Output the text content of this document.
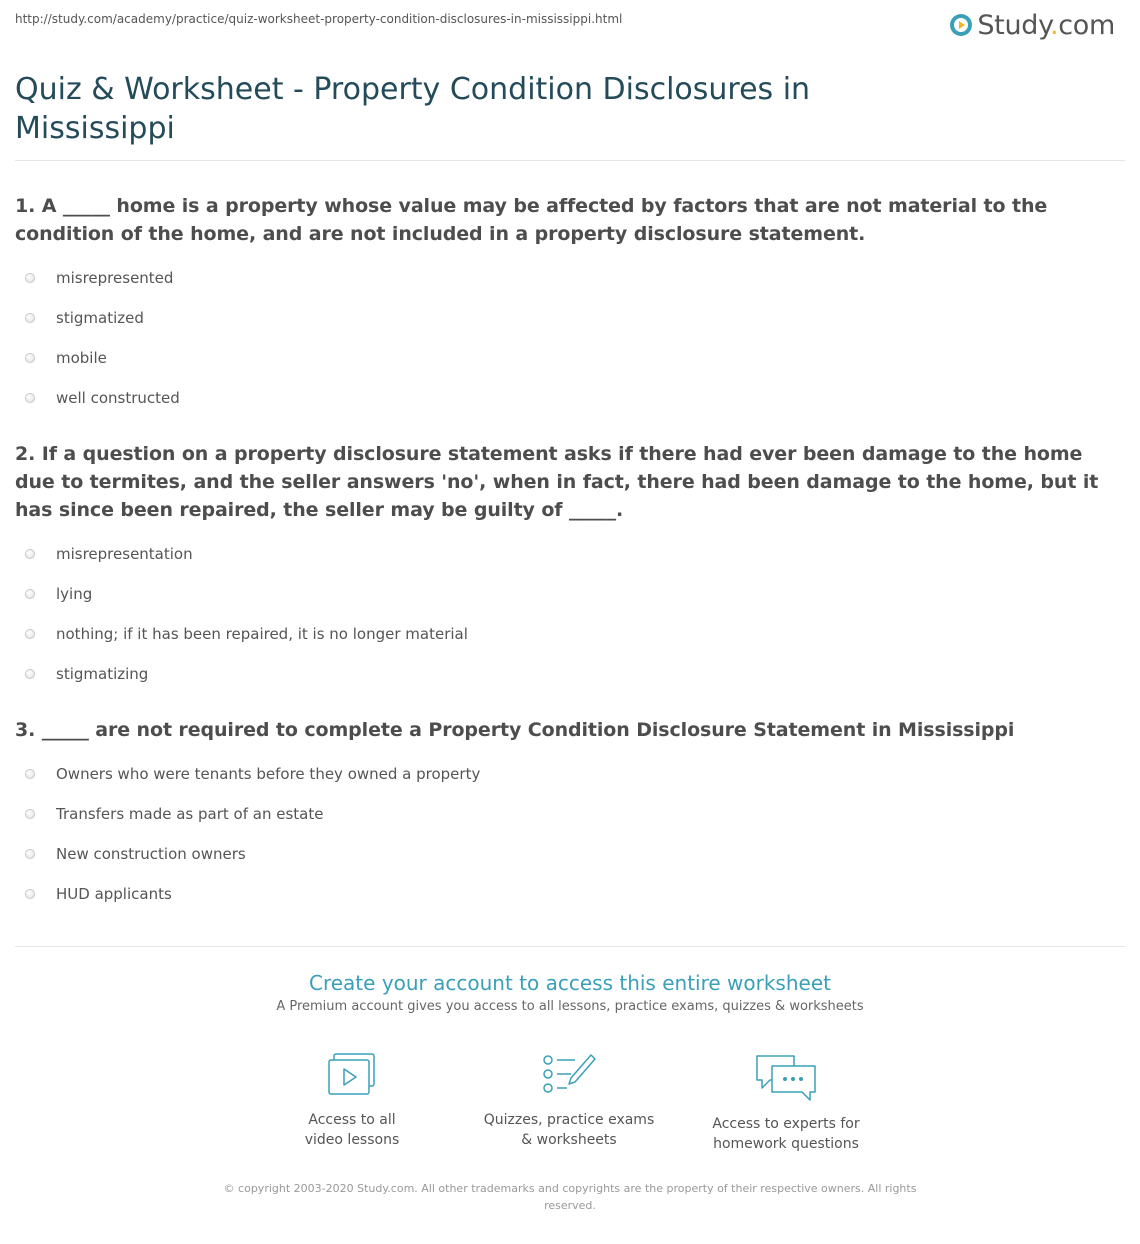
http://study.com/academy/practice/quiz-worksheet-property-condition-disclosures-in-mississippi.html	Study.com
Quiz & Worksheet - Property Condition Disclosures in Mississippi

1. A _____ home is a property whose value may be affected by factors that are not material to the condition of the home, and are not included in a property disclosure statement.

misrepresented
stigmatized
mobile
well constructed

2. If a question on a property disclosure statement asks if there had ever been damage to the home due to termites, and the seller answers 'no', when in fact, there had been damage to the home, but it has since been repaired, the seller may be guilty of _____.

misrepresentation
lying
nothing; if it has been repaired, it is no longer material
stigmatizing

3. _____ are not required to complete a Property Condition Disclosure Statement in Mississippi

Owners who were tenants before they owned a property
Transfers made as part of an estate
New construction owners
HUD applicants

Create your account to access this entire worksheet

A Premium account gives you access to all lessons, practice exams, quizzes & worksheets
Access to all
video lessons
Quizzes, practice exams
& worksheets
Access to experts for
homework questions
© copyright 2003-2020 Study.com. All other trademarks and copyrights are the property of their respective owners. All rights reserved.
